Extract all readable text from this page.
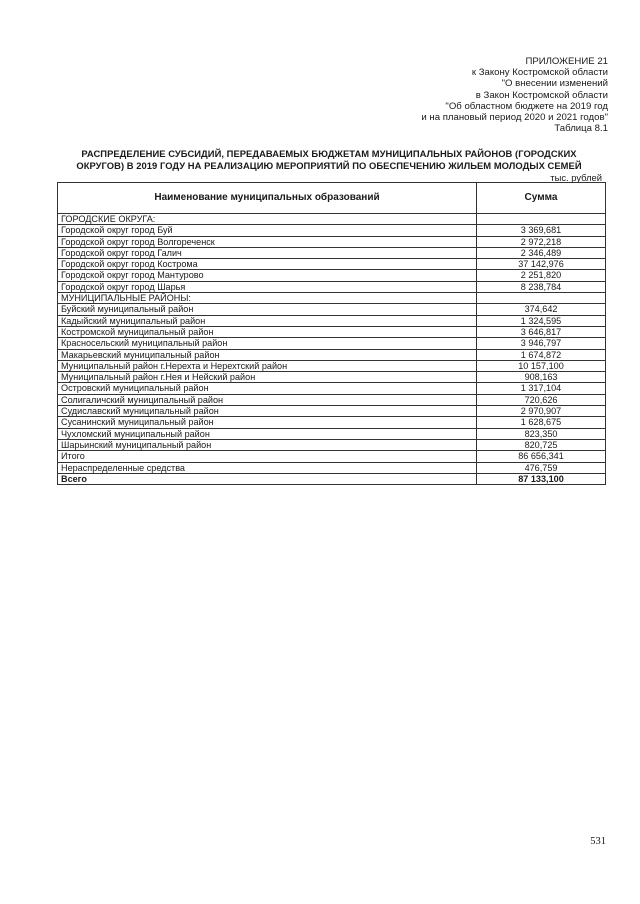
ПРИЛОЖЕНИЕ 21
к Закону Костромской области
"О внесении изменений
в Закон Костромской области
"Об областном бюджете на 2019 год
и на плановый период 2020 и 2021 годов"
Таблица 8.1
РАСПРЕДЕЛЕНИЕ СУБСИДИЙ, ПЕРЕДАВАЕМЫХ БЮДЖЕТАМ МУНИЦИПАЛЬНЫХ РАЙОНОВ (ГОРОДСКИХ ОКРУГОВ) В 2019 ГОДУ НА РЕАЛИЗАЦИЮ МЕРОПРИЯТИЙ ПО ОБЕСПЕЧЕНИЮ ЖИЛЬЕМ МОЛОДЫХ СЕМЕЙ
тыс. рублей
Наименование муниципальных образований	Сумма
ГОРОДСКИЕ ОКРУГА:	
Городской округ город Буй	3 369,681
Городской округ город Волгореченск	2 972,218
Городской округ город Галич	2 346,489
Городской округ город Кострома	37 142,976
Городской округ город Мантурово	2 251,820
Городской округ город Шарья	8 238,784
МУНИЦИПАЛЬНЫЕ РАЙОНЫ:	
Буйский муниципальный район	374,642
Кадыйский муниципальный район	1 324,595
Костромской муниципальный район	3 646,817
Красносельский муниципальный район	3 946,797
Макарьевский муниципальный район	1 674,872
Муниципальный район г.Нерехта и Нерехтский район	10 157,100
Муниципальный район г.Нея и Нейский район	908,163
Островский муниципальный район	1 317,104
Солигаличский муниципальный район	720,626
Судиславский муниципальный район	2 970,907
Сусанинский муниципальный район	1 628,675
Чухломский муниципальный район	823,350
Шарьинский муниципальный район	820,725
Итого	86 656,341
Нераспределенные средства	476,759
Всего	87 133,100
531
